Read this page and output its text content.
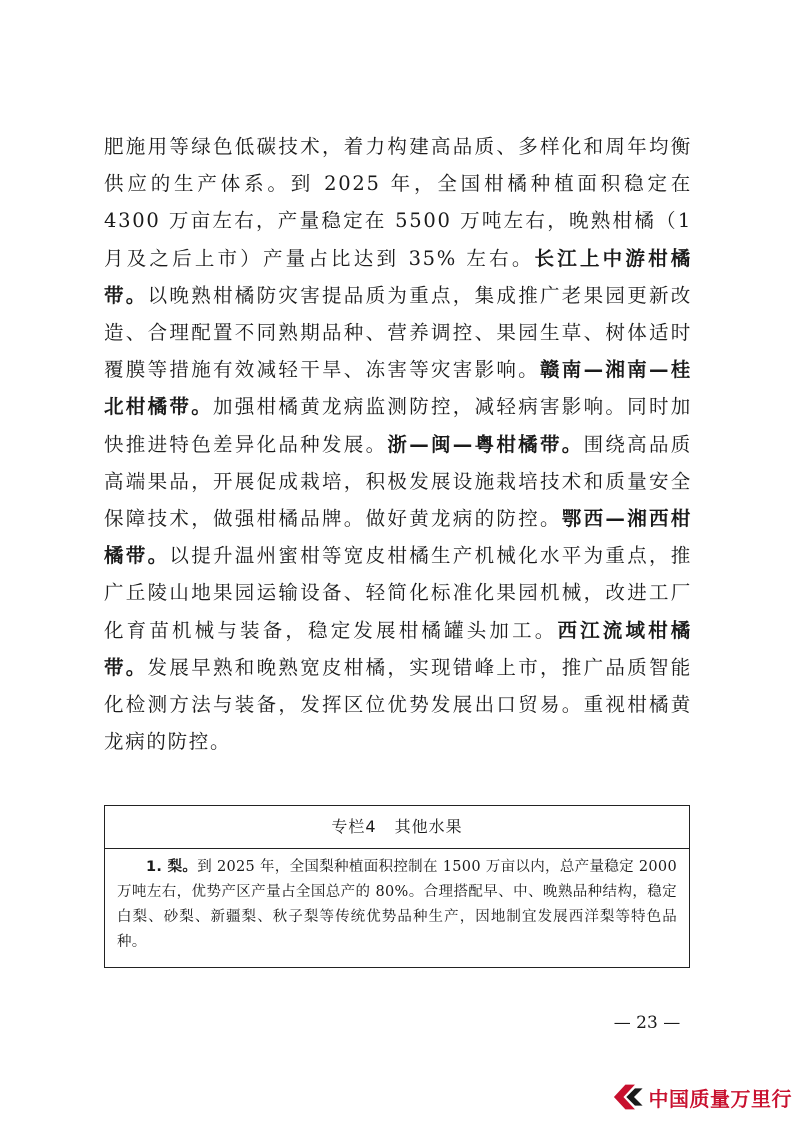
肥施用等绿色低碳技术，着力构建高品质、多样化和周年均衡供应的生产体系。到 2025 年，全国柑橘种植面积稳定在 4300 万亩左右，产量稳定在 5500 万吨左右，晚熟柑橘（1 月及之后上市）产量占比达到 35% 左右。长江上中游柑橘带。以晚熟柑橘防灾害提品质为重点，集成推广老果园更新改造、合理配置不同熟期品种、营养调控、果园生草、树体适时覆膜等措施有效减轻干旱、冻害等灾害影响。赣南—湘南—桂北柑橘带。加强柑橘黄龙病监测防控，减轻病害影响。同时加快推进特色差异化品种发展。浙—闽—粤柑橘带。围绕高品质高端果品，开展促成栽培，积极发展设施栽培技术和质量安全保障技术，做强柑橘品牌。做好黄龙病的防控。鄂西—湘西柑橘带。以提升温州蜜柑等宽皮柑橘生产机械化水平为重点，推广丘陵山地果园运输设备、轻简化标准化果园机械，改进工厂化育苗机械与装备，稳定发展柑橘罐头加工。西江流域柑橘带。发展早熟和晚熟宽皮柑橘，实现错峰上市，推广品质智能化检测方法与装备，发挥区位优势发展出口贸易。重视柑橘黄龙病的防控。
专栏4 其他水果
1. 梨。到 2025 年，全国梨种植面积控制在 1500 万亩以内，总产量稳定 2000 万吨左右，优势产区产量占全国总产的 80%。合理搭配早、中、晚熟品种结构，稳定白梨、砂梨、新疆梨、秋子梨等传统优势品种生产，因地制宜发展西洋梨等特色品种。
— 23 —
中国质量万里行
